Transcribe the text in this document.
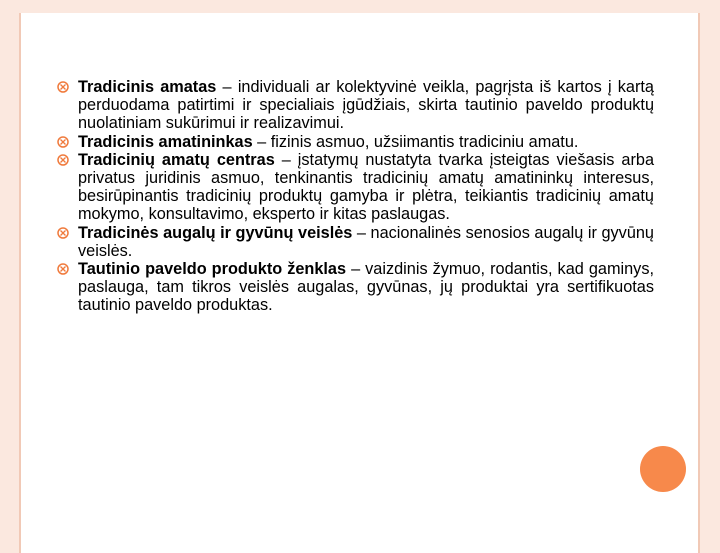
Tradicinis amatas – individuali ar kolektyvinė veikla, pagrįsta iš kartos į kartą perduodama patirtimi ir specialiais įgūdžiais, skirta tautinio paveldo produktų nuolatiniam sukūrimui ir realizavimui.
Tradicinis amatininkas – fizinis asmuo, užsiimantis tradiciniu amatu.
Tradicinių amatų centras – įstatymų nustatyta tvarka įsteigtas viešasis arba privatus juridinis asmuo, tenkinantis tradicinių amatų amatininkų interesus, besirūpinantis tradicinių produktų gamyba ir plėtra, teikiantis tradicinių amatų mokymo, konsultavimo, eksperto ir kitas paslaugas.
Tradicinės augalų ir gyvūnų veislės – nacionalinės senosios augalų ir gyvūnų veislės.
Tautinio paveldo produkto ženklas – vaizdinis žymuo, rodantis, kad gaminys, paslauga, tam tikros veislės augalas, gyvūnas, jų produktai yra sertifikuotas tautinio paveldo produktas.
